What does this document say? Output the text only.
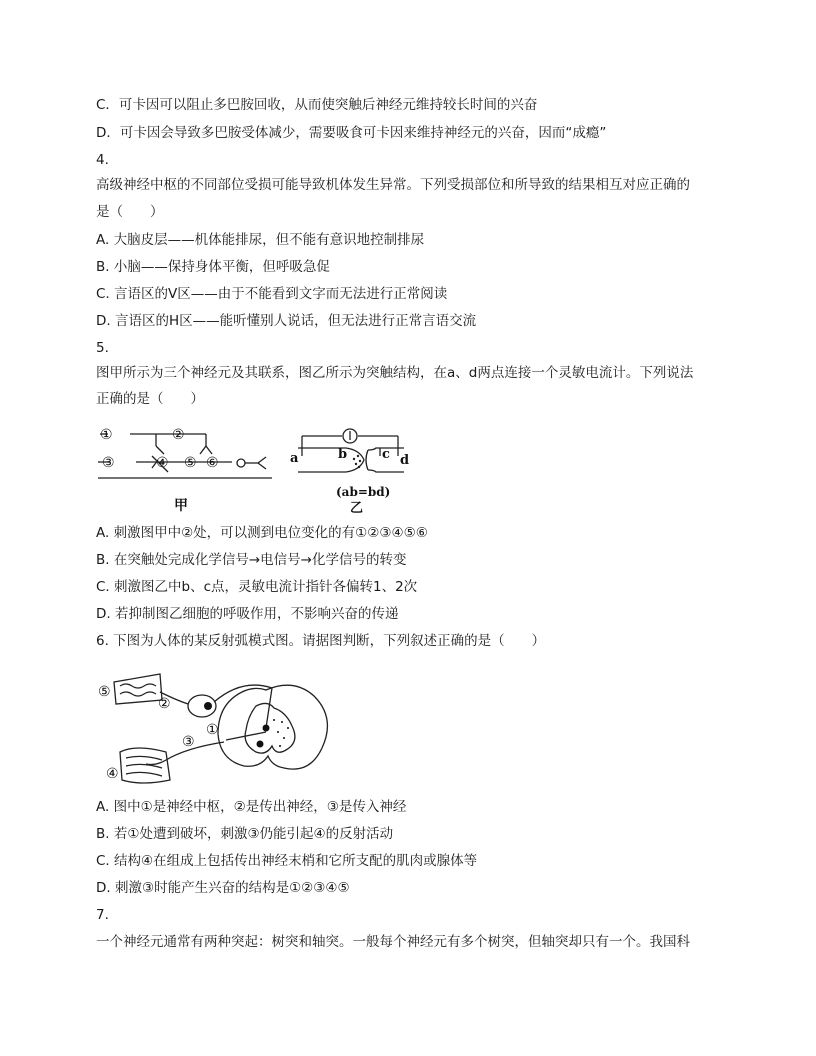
C．可卡因可以阻止多巴胺回收，从而使突触后神经元维持较长时间的兴奋
D．可卡因会导致多巴胺受体减少，需要吸食可卡因来维持神经元的兴奋，因而“成瘾”
4.
高级神经中枢的不同部位受损可能导致机体发生异常。下列受损部位和所导致的结果相互对应正确的
是（　　）
A. 大脑皮层——机体能排尿，但不能有意识地控制排尿
B. 小脑——保持身体平衡，但呼吸急促
C. 言语区的V区——由于不能看到文字而无法进行正常阅读
D. 言语区的H区——能听懂别人说话，但无法进行正常言语交流
5.
图甲所示为三个神经元及其联系，图乙所示为突触结构，在a、d两点连接一个灵敏电流计。下列说法
正确的是（　　）
①	②
③	④ ⑤ ⑥
甲
a	b	c d
(ab=bd)
乙
A. 刺激图甲中②处，可以测到电位变化的有①②③④⑤⑥
B. 在突触处完成化学信号→电信号→化学信号的转变
C. 刺激图乙中b、c点，灵敏电流计指针各偏转1、2次
D. 若抑制图乙细胞的呼吸作用，不影响兴奋的传递
6. 下图为人体的某反射弧模式图。请据图判断，下列叙述正确的是（　　）
⑤
②
①
③
④
A. 图中①是神经中枢，②是传出神经，③是传入神经
B. 若①处遭到破坏，刺激③仍能引起④的反射活动
C. 结构④在组成上包括传出神经末梢和它所支配的肌肉或腺体等
D. 刺激③时能产生兴奋的结构是①②③④⑤
7.
一个神经元通常有两种突起：树突和轴突。一般每个神经元有多个树突，但轴突却只有一个。我国科
